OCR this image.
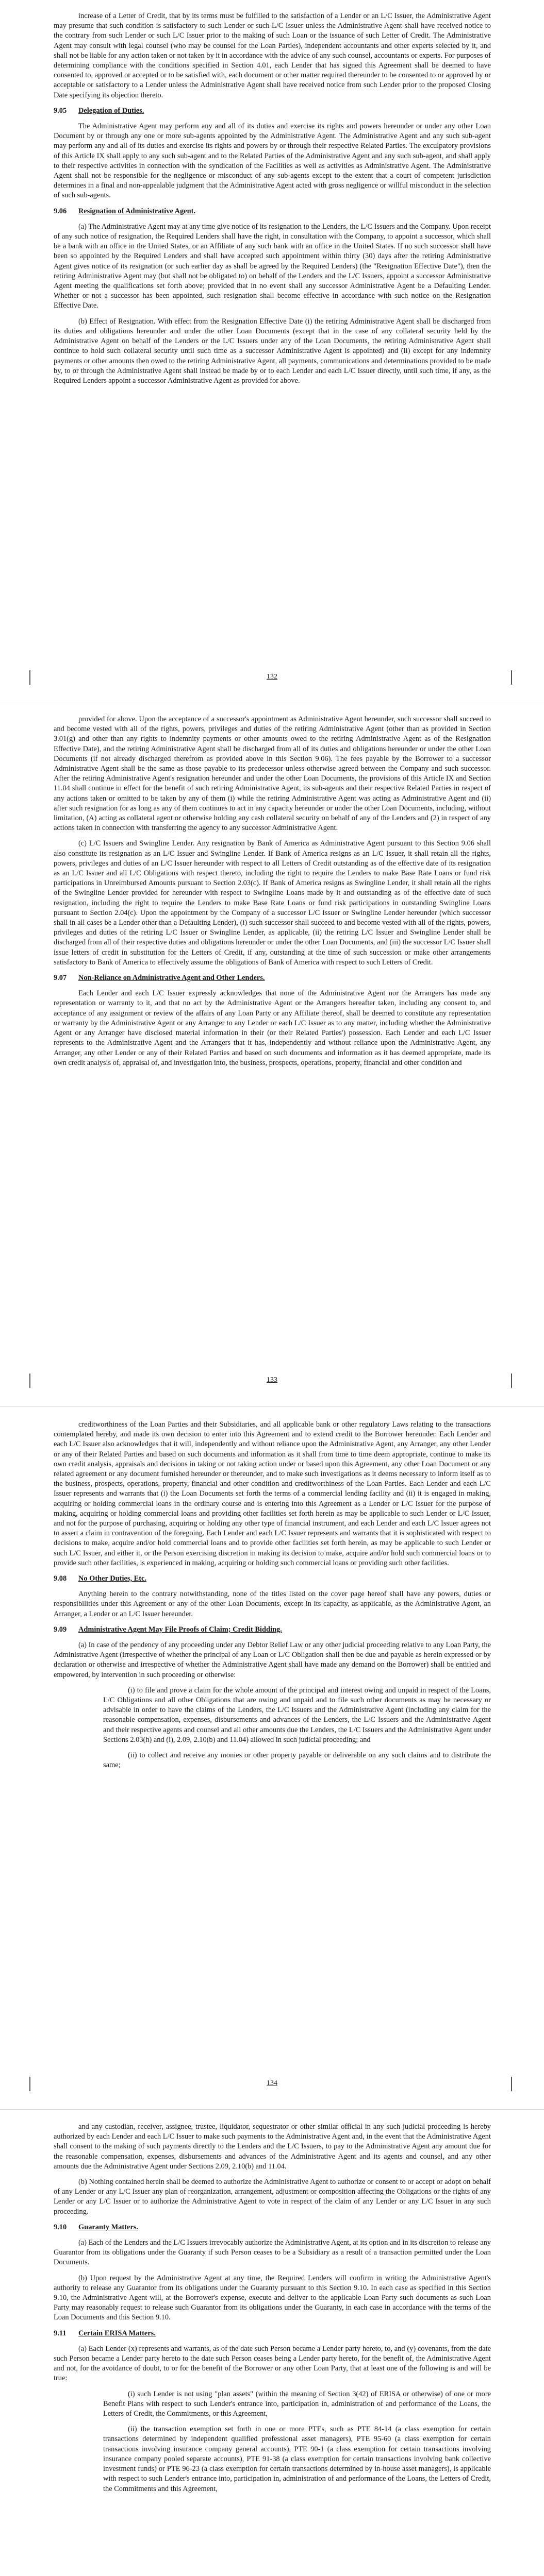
increase of a Letter of Credit, that by its terms must be fulfilled to the satisfaction of a Lender or an L/C Issuer, the Administrative Agent may presume that such condition is satisfactory to such Lender or such L/C Issuer unless the Administrative Agent shall have received notice to the contrary from such Lender or such L/C Issuer prior to the making of such Loan or the issuance of such Letter of Credit. The Administrative Agent may consult with legal counsel (who may be counsel for the Loan Parties), independent accountants and other experts selected by it, and shall not be liable for any action taken or not taken by it in accordance with the advice of any such counsel, accountants or experts. For purposes of determining compliance with the conditions specified in Section 4.01, each Lender that has signed this Agreement shall be deemed to have consented to, approved or accepted or to be satisfied with, each document or other matter required thereunder to be consented to or approved by or acceptable or satisfactory to a Lender unless the Administrative Agent shall have received notice from such Lender prior to the proposed Closing Date specifying its objection thereto.

9.05 Delegation of Duties.

The Administrative Agent may perform any and all of its duties and exercise its rights and powers hereunder or under any other Loan Document by or through any one or more sub-agents appointed by the Administrative Agent. The Administrative Agent and any such sub-agent may perform any and all of its duties and exercise its rights and powers by or through their respective Related Parties. The exculpatory provisions of this Article IX shall apply to any such sub-agent and to the Related Parties of the Administrative Agent and any such sub-agent, and shall apply to their respective activities in connection with the syndication of the Facilities as well as activities as Administrative Agent. The Administrative Agent shall not be responsible for the negligence or misconduct of any sub-agents except to the extent that a court of competent jurisdiction determines in a final and non-appealable judgment that the Administrative Agent acted with gross negligence or willful misconduct in the selection of such sub-agents.

9.06 Resignation of Administrative Agent.

(a) The Administrative Agent may at any time give notice of its resignation to the Lenders, the L/C Issuers and the Company. Upon receipt of any such notice of resignation, the Required Lenders shall have the right, in consultation with the Company, to appoint a successor, which shall be a bank with an office in the United States, or an Affiliate of any such bank with an office in the United States. If no such successor shall have been so appointed by the Required Lenders and shall have accepted such appointment within thirty (30) days after the retiring Administrative Agent gives notice of its resignation (or such earlier day as shall be agreed by the Required Lenders) (the "Resignation Effective Date"), then the retiring Administrative Agent may (but shall not be obligated to) on behalf of the Lenders and the L/C Issuers, appoint a successor Administrative Agent meeting the qualifications set forth above; provided that in no event shall any successor Administrative Agent be a Defaulting Lender. Whether or not a successor has been appointed, such resignation shall become effective in accordance with such notice on the Resignation Effective Date.

(b) Effect of Resignation. With effect from the Resignation Effective Date (i) the retiring Administrative Agent shall be discharged from its duties and obligations hereunder and under the other Loan Documents (except that in the case of any collateral security held by the Administrative Agent on behalf of the Lenders or the L/C Issuers under any of the Loan Documents, the retiring Administrative Agent shall continue to hold such collateral security until such time as a successor Administrative Agent is appointed) and (ii) except for any indemnity payments or other amounts then owed to the retiring Administrative Agent, all payments, communications and determinations provided to be made by, to or through the Administrative Agent shall instead be made by or to each Lender and each L/C Issuer directly, until such time, if any, as the Required Lenders appoint a successor Administrative Agent as provided for above.

132

provided for above. Upon the acceptance of a successor's appointment as Administrative Agent hereunder, such successor shall succeed to and become vested with all of the rights, powers, privileges and duties of the retiring Administrative Agent (other than as provided in Section 3.01(g) and other than any rights to indemnity payments or other amounts owed to the retiring Administrative Agent as of the Resignation Effective Date), and the retiring Administrative Agent shall be discharged from all of its duties and obligations hereunder or under the other Loan Documents (if not already discharged therefrom as provided above in this Section 9.06). The fees payable by the Borrower to a successor Administrative Agent shall be the same as those payable to its predecessor unless otherwise agreed between the Company and such successor. After the retiring Administrative Agent's resignation hereunder and under the other Loan Documents, the provisions of this Article IX and Section 11.04 shall continue in effect for the benefit of such retiring Administrative Agent, its sub-agents and their respective Related Parties in respect of any actions taken or omitted to be taken by any of them (i) while the retiring Administrative Agent was acting as Administrative Agent and (ii) after such resignation for as long as any of them continues to act in any capacity hereunder or under the other Loan Documents, including, without limitation, (A) acting as collateral agent or otherwise holding any cash collateral security on behalf of any of the Lenders and (2) in respect of any actions taken in connection with transferring the agency to any successor Administrative Agent.

(c) L/C Issuers and Swingline Lender. Any resignation by Bank of America as Administrative Agent pursuant to this Section 9.06 shall also constitute its resignation as an L/C Issuer and Swingline Lender. If Bank of America resigns as an L/C Issuer, it shall retain all the rights, powers, privileges and duties of an L/C Issuer hereunder with respect to all Letters of Credit outstanding as of the effective date of its resignation as an L/C Issuer and all L/C Obligations with respect thereto, including the right to require the Lenders to make Base Rate Loans or fund risk participations in Unreimbursed Amounts pursuant to Section 2.03(c). If Bank of America resigns as Swingline Lender, it shall retain all the rights of the Swingline Lender provided for hereunder with respect to Swingline Loans made by it and outstanding as of the effective date of such resignation, including the right to require the Lenders to make Base Rate Loans or fund risk participations in outstanding Swingline Loans pursuant to Section 2.04(c). Upon the appointment by the Company of a successor L/C Issuer or Swingline Lender hereunder (which successor shall in all cases be a Lender other than a Defaulting Lender), (i) such successor shall succeed to and become vested with all of the rights, powers, privileges and duties of the retiring L/C Issuer or Swingline Lender, as applicable, (ii) the retiring L/C Issuer and Swingline Lender shall be discharged from all of their respective duties and obligations hereunder or under the other Loan Documents, and (iii) the successor L/C Issuer shall issue letters of credit in substitution for the Letters of Credit, if any, outstanding at the time of such succession or make other arrangements satisfactory to Bank of America to effectively assume the obligations of Bank of America with respect to such Letters of Credit.

9.07 Non-Reliance on Administrative Agent and Other Lenders.

Each Lender and each L/C Issuer expressly acknowledges that none of the Administrative Agent nor the Arrangers has made any representation or warranty to it, and that no act by the Administrative Agent or the Arrangers hereafter taken, including any consent to, and acceptance of any assignment or review of the affairs of any Loan Party or any Affiliate thereof, shall be deemed to constitute any representation or warranty by the Administrative Agent or any Arranger to any Lender or each L/C Issuer as to any matter, including whether the Administrative Agent or any Arranger have disclosed material information in their (or their Related Parties') possession. Each Lender and each L/C Issuer represents to the Administrative Agent and the Arrangers that it has, independently and without reliance upon the Administrative Agent, any Arranger, any other Lender or any of their Related Parties and based on such documents and information as it has deemed appropriate, made its own credit analysis of, appraisal of, and investigation into, the business, prospects, operations, property, financial and other condition and

133

creditworthiness of the Loan Parties and their Subsidiaries, and all applicable bank or other regulatory Laws relating to the transactions contemplated hereby, and made its own decision to enter into this Agreement and to extend credit to the Borrower hereunder. Each Lender and each L/C Issuer also acknowledges that it will, independently and without reliance upon the Administrative Agent, any Arranger, any other Lender or any of their Related Parties and based on such documents and information as it shall from time to time deem appropriate, continue to make its own credit analysis, appraisals and decisions in taking or not taking action under or based upon this Agreement, any other Loan Document or any related agreement or any document furnished hereunder or thereunder, and to make such investigations as it deems necessary to inform itself as to the business, prospects, operations, property, financial and other condition and creditworthiness of the Loan Parties. Each Lender and each L/C Issuer represents and warrants that (i) the Loan Documents set forth the terms of a commercial lending facility and (ii) it is engaged in making, acquiring or holding commercial loans in the ordinary course and is entering into this Agreement as a Lender or L/C Issuer for the purpose of making, acquiring or holding commercial loans and providing other facilities set forth herein as may be applicable to such Lender or L/C Issuer, and not for the purpose of purchasing, acquiring or holding any other type of financial instrument, and each Lender and each L/C Issuer agrees not to assert a claim in contravention of the foregoing. Each Lender and each L/C Issuer represents and warrants that it is sophisticated with respect to decisions to make, acquire and/or hold commercial loans and to provide other facilities set forth herein, as may be applicable to such Lender or such L/C Issuer, and either it, or the Person exercising discretion in making its decision to make, acquire and/or hold such commercial loans or to provide such other facilities, is experienced in making, acquiring or holding such commercial loans or providing such other facilities.

9.08 No Other Duties, Etc.

Anything herein to the contrary notwithstanding, none of the titles listed on the cover page hereof shall have any powers, duties or responsibilities under this Agreement or any of the other Loan Documents, except in its capacity, as applicable, as the Administrative Agent, an Arranger, a Lender or an L/C Issuer hereunder.

9.09 Administrative Agent May File Proofs of Claim; Credit Bidding.

(a) In case of the pendency of any proceeding under any Debtor Relief Law or any other judicial proceeding relative to any Loan Party, the Administrative Agent (irrespective of whether the principal of any Loan or L/C Obligation shall then be due and payable as herein expressed or by declaration or otherwise and irrespective of whether the Administrative Agent shall have made any demand on the Borrower) shall be entitled and empowered, by intervention in such proceeding or otherwise:

(i) to file and prove a claim for the whole amount of the principal and interest owing and unpaid in respect of the Loans, L/C Obligations and all other Obligations that are owing and unpaid and to file such other documents as may be necessary or advisable in order to have the claims of the Lenders, the L/C Issuers and the Administrative Agent (including any claim for the reasonable compensation, expenses, disbursements and advances of the Lenders, the L/C Issuers and the Administrative Agent and their respective agents and counsel and all other amounts due the Lenders, the L/C Issuers and the Administrative Agent under Sections 2.03(h) and (i), 2.09, 2.10(b) and 11.04) allowed in such judicial proceeding; and

(ii) to collect and receive any monies or other property payable or deliverable on any such claims and to distribute the same;

134

and any custodian, receiver, assignee, trustee, liquidator, sequestrator or other similar official in any such judicial proceeding is hereby authorized by each Lender and each L/C Issuer to make such payments to the Administrative Agent and, in the event that the Administrative Agent shall consent to the making of such payments directly to the Lenders and the L/C Issuers, to pay to the Administrative Agent any amount due for the reasonable compensation, expenses, disbursements and advances of the Administrative Agent and its agents and counsel, and any other amounts due the Administrative Agent under Sections 2.09, 2.10(b) and 11.04.

(b) Nothing contained herein shall be deemed to authorize the Administrative Agent to authorize or consent to or accept or adopt on behalf of any Lender or any L/C Issuer any plan of reorganization, arrangement, adjustment or composition affecting the Obligations or the rights of any Lender or any L/C Issuer or to authorize the Administrative Agent to vote in respect of the claim of any Lender or any L/C Issuer in any such proceeding.

9.10 Guaranty Matters.

(a) Each of the Lenders and the L/C Issuers irrevocably authorize the Administrative Agent, at its option and in its discretion to release any Guarantor from its obligations under the Guaranty if such Person ceases to be a Subsidiary as a result of a transaction permitted under the Loan Documents.

(b) Upon request by the Administrative Agent at any time, the Required Lenders will confirm in writing the Administrative Agent's authority to release any Guarantor from its obligations under the Guaranty pursuant to this Section 9.10. In each case as specified in this Section 9.10, the Administrative Agent will, at the Borrower's expense, execute and deliver to the applicable Loan Party such documents as such Loan Party may reasonably request to release such Guarantor from its obligations under the Guaranty, in each case in accordance with the terms of the Loan Documents and this Section 9.10.

9.11 Certain ERISA Matters.

(a) Each Lender (x) represents and warrants, as of the date such Person became a Lender party hereto, to, and (y) covenants, from the date such Person became a Lender party hereto to the date such Person ceases being a Lender party hereto, for the benefit of, the Administrative Agent and not, for the avoidance of doubt, to or for the benefit of the Borrower or any other Loan Party, that at least one of the following is and will be true:

(i) such Lender is not using "plan assets" (within the meaning of Section 3(42) of ERISA or otherwise) of one or more Benefit Plans with respect to such Lender's entrance into, participation in, administration of and performance of the Loans, the Letters of Credit, the Commitments, or this Agreement,

(ii) the transaction exemption set forth in one or more PTEs, such as PTE 84-14 (a class exemption for certain transactions determined by independent qualified professional asset managers), PTE 95-60 (a class exemption for certain transactions involving insurance company general accounts), PTE 90-1 (a class exemption for certain transactions involving insurance company pooled separate accounts), PTE 91-38 (a class exemption for certain transactions involving bank collective investment funds) or PTE 96-23 (a class exemption for certain transactions determined by in-house asset managers), is applicable with respect to such Lender's entrance into, participation in, administration of and performance of the Loans, the Letters of Credit, the Commitments and this Agreement,
